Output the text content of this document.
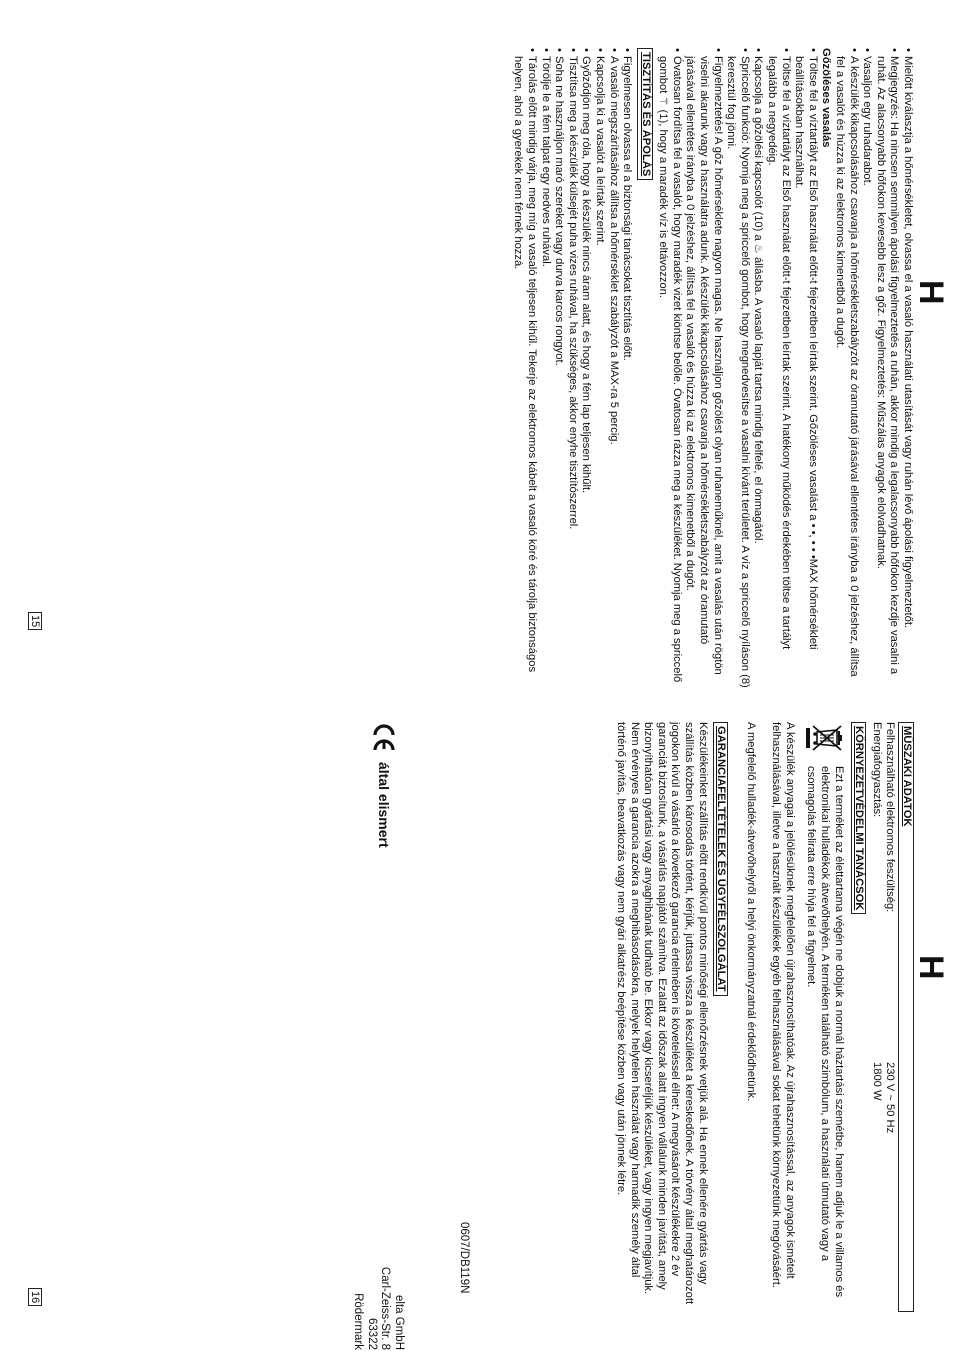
H
H
15
16

• Mielőtt kiválasztja a hőmérsékletet, olvassa el a vasaló használati utasítását vagy ruhán lévő ápolási figyelmeztetőt.

• Megjegyzés: Ha nincsen semmilyen ápolási figyelmeztetés a ruhán, akkor mindig a legalacsonyabb hőfokon kezdje vasalni a ruhát. Az alacsonyabb hőfokon kevesebb lesz a gőz. Figyelmeztetés: Műszálas anyagok elolvadhatnak.

• Vasaljon egy ruhadarabot.

• A készülék kikapcsolásához csavarja a hőmérsékletszabályzót az óramutató járásával ellentétes irányba a 0 jelzéshez, állítsa fel a vasalót és húzza ki az elektromos kimenetből a dugót.

Gőzöléses vasalás

• Töltse fel a víztartályt az Első használat előtt-t fejezetben leírtak szerint. Gőzöléses vasalást a • •, • • •MAX hőmérsékleti beállításokban használhat.

• Töltse fel a víztartályt az Első használat előtt-t fejezetben leírtak szerint. A hatékony működés érdekében töltse a tartályt legalább a negyedéig.

• Kapcsolja a gőzölési kapcsolót (10) a ♨ állásba. A vasaló lapját tartsa mindig felfelé, el önmagától.

• Spriccelő funkció: Nyomja meg a spriccelő gombot, hogy megnedvesítse a vasalni kívánt területet. A víz a spriccelő nyíláson (8) keresztül fog jönni.

• Figyelmeztetés! A gőz hőmérséklete nagyon magas. Ne használjon gőzölést olyan ruhaneműknél, amit a vasalás után rögtön viselni akarunk vagy a használatra adunk. A készülék kikapcsolásához csavarja a hőmérsékletszabályzót az óramutató járásával ellentétes irányba a 0 jelzéshez, állítsa fel a vasalót és húzza ki az elektromos kimenetből a dugót.

• Óvatosan fordítsa fel a vasalót, hogy maradék vizet kiöntse belőle. Óvatosan rázza meg a készüléket. Nyomja meg a spriccelő gombot ⚚ (1), hogy a maradék víz is eltávozzon.

TISZTÍTÁS ÉS ÁPOLÁS

• Figyelmesen olvassa el a biztonsági tanácsokat tisztítás előtt.

• A vasaló megszárításához állítsa a hőmérséklet szabályzót a MAX-ra 5 percig.

• Kapcsolja ki a vasalót a leírtak szerint.

• Győződjön meg róla, hogy a készülék nincs áram alatt, és hogy a fém lap teljesen kihűlt.

• Tisztítsa meg a készülék külsejét puha vizes ruhával, ha szükséges, akkor enyhe tisztítószerrel.

• Soha ne használjon maró szereket vagy durva karcos rongyot.

• Törölje le a fém talpat egy nedves ruhával.

• Tárolás előtt mindig várja, meg míg a vasaló teljesen kihűl. Tekerje az elektromos kábelt a vasaló köré és tárolja biztonságos helyen, ahol a gyerekek nem férnek hozzá.

MŰSZAKI ADATOK
Felhasználható elektromos feszültség:	230 V ~ 50 Hz
Energiafogyasztás:	1800 W
KÖRNYEZETVÉDELMI TANÁCSOK

Ezt a terméket az élettartama végén ne dobjuk a normál háztartási szemétbe, hanem adjuk le a villamos és elektronikai hulladékok átvevőhelyén. A terméken található szimbólum, a használati útmutató vagy a csomagolás felirata erre hívja fel a figyelmet.

A készülék anyagai a jelölésüknek megfelelően újrahasznosíthatóak. Az újrahasznosítással, az anyagok ismételt felhasználásával, illetve a használt készülékek egyéb felhasználásával sokat tehetünk környezetünk megóvásáért.

A megfelelő hulladék-átvevőhelyről a helyi önkormányzatnál érdeklődhetünk.

GARANCIAFELTÉTELEK ÉS ÜGYFÉLSZOLGÁLAT

Készülékeinket szállítás előtt rendkívül pontos minőségi ellenőrzésnek vetjük alá. Ha ennek ellenére gyártás vagy szállítás közben károsodás történt, kérjük, juttassa vissza a készüléket a kereskedőnek. A törvény által meghatározott jogokon kívül a vásárló a következő garancia értelmében is követeléssel élhet: A megvásárolt készülékekre 2 év garanciát biztosítunk, a vásárlás napjától számítva. Ezalatt az időszak alatt ingyen vállalunk minden javítást, amely bizonyíthatóan gyártási vagy anyaghibának tudható be. Ekkor vagy kicseréljük készüléket, vagy ingyen megjavítjuk. Nem érvényes a garancia azokra a meghibásodásokra, melyek helytelen használat vagy harmadik személy által történő javítás, beavatkozás vagy nem gyári alkatrész beépítése közben vagy után jönnek létre.

által elismert
0607/DB119N

elta GmbH

Carl-Zeiss-Str. 8

63322 Rödermark
